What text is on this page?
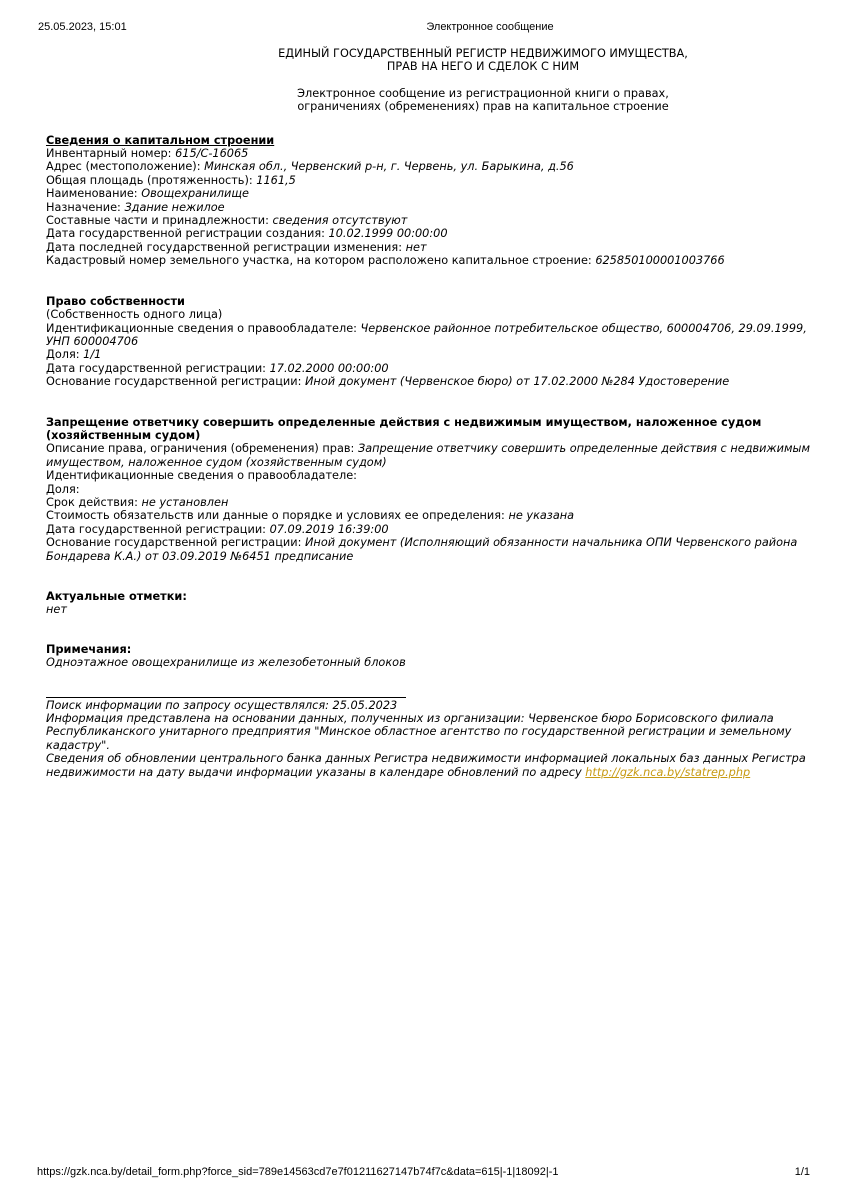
25.05.2023, 15:01	Электронное сообщение
ЕДИНЫЙ ГОСУДАРСТВЕННЫЙ РЕГИСТР НЕДВИЖИМОГО ИМУЩЕСТВА,
ПРАВ НА НЕГО И СДЕЛОК С НИМ
Электронное сообщение из регистрационной книги о правах,
ограничениях (обременениях) прав на капитальное строение
Сведения о капитальном строении
Инвентарный номер: 615/C-16065
Адрес (местоположение): Минская обл., Червенский р-н, г. Червень, ул. Барыкина, д.56
Общая площадь (протяженность): 1161,5
Наименование: Овощехранилище
Назначение: Здание нежилое
Составные части и принадлежности: сведения отсутствуют
Дата государственной регистрации создания: 10.02.1999 00:00:00
Дата последней государственной регистрации изменения: нет
Кадастровый номер земельного участка, на котором расположено капитальное строение: 625850100001003766
Право собственности
(Собственность одного лица)
Идентификационные сведения о правообладателе: Червенское районное потребительское общество, 600004706, 29.09.1999, УНП 600004706
Доля: 1/1
Дата государственной регистрации: 17.02.2000 00:00:00
Основание государственной регистрации: Иной документ (Червенское бюро) от 17.02.2000 №284 Удостоверение
Запрещение ответчику совершить определенные действия с недвижимым имуществом, наложенное судом (хозяйственным судом)
Описание права, ограничения (обременения) прав: Запрещение ответчику совершить определенные действия с недвижимым имуществом, наложенное судом (хозяйственным судом)
Идентификационные сведения о правообладателе:
Доля:
Срок действия: не установлен
Стоимость обязательств или данные о порядке и условиях ее определения: не указана
Дата государственной регистрации: 07.09.2019 16:39:00
Основание государственной регистрации: Иной документ (Исполняющий обязанности начальника ОПИ Червенского района Бондарева К.А.) от 03.09.2019 №6451 предписание
Актуальные отметки:
нет
Примечания:
Одноэтажное овощехранилище из железобетонный блоков
Поиск информации по запросу осуществлялся: 25.05.2023
Информация представлена на основании данных, полученных из организации: Червенское бюро Борисовского филиала Республиканского унитарного предприятия "Минское областное агентство по государственной регистрации и земельному кадастру".
Сведения об обновлении центрального банка данных Регистра недвижимости информацией локальных баз данных Регистра недвижимости на дату выдачи информации указаны в календаре обновлений по адресу http://gzk.nca.by/statrep.php
https://gzk.nca.by/detail_form.php?force_sid=789e14563cd7e7f01211627147b74f7c&data=615|-1|18092|-1	1/1
